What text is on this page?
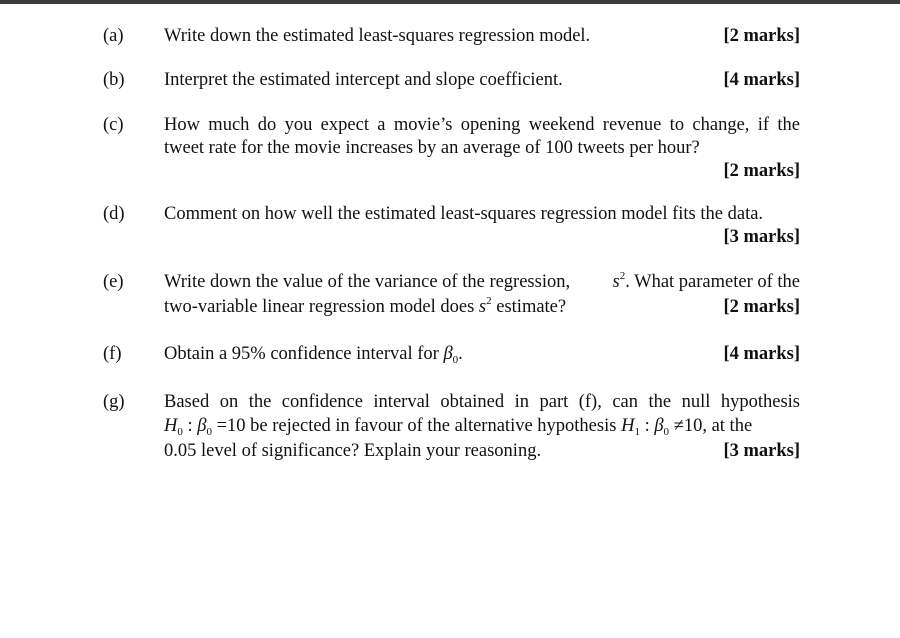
(a)	Write down the estimated least-squares regression model.	[2 marks]
(b)	Interpret the estimated intercept and slope coefficient.	[4 marks]
(c)	How much do you expect a movie’s opening weekend revenue to change, if the
tweet rate for the movie increases by an average of 100 tweets per hour?
[2 marks]
(d)	Comment on how well the estimated least-squares regression model fits the data.
[3 marks]
(e)	Write down the value of the variance of the regression, $s^2$. What parameter of the
two-variable linear regression model does $s^2$ estimate?	[2 marks]
(f)	Obtain a 95% confidence interval for $\beta_0$.	[4 marks]
(g)	Based on the confidence interval obtained in part (f), can the null hypothesis
$H_0$ : $\beta_0 =10$ be rejected in favour of the alternative hypothesis $H_1$ : $\beta_0 \ne 10$, at the
0.05 level of significance? Explain your reasoning.	[3 marks]
